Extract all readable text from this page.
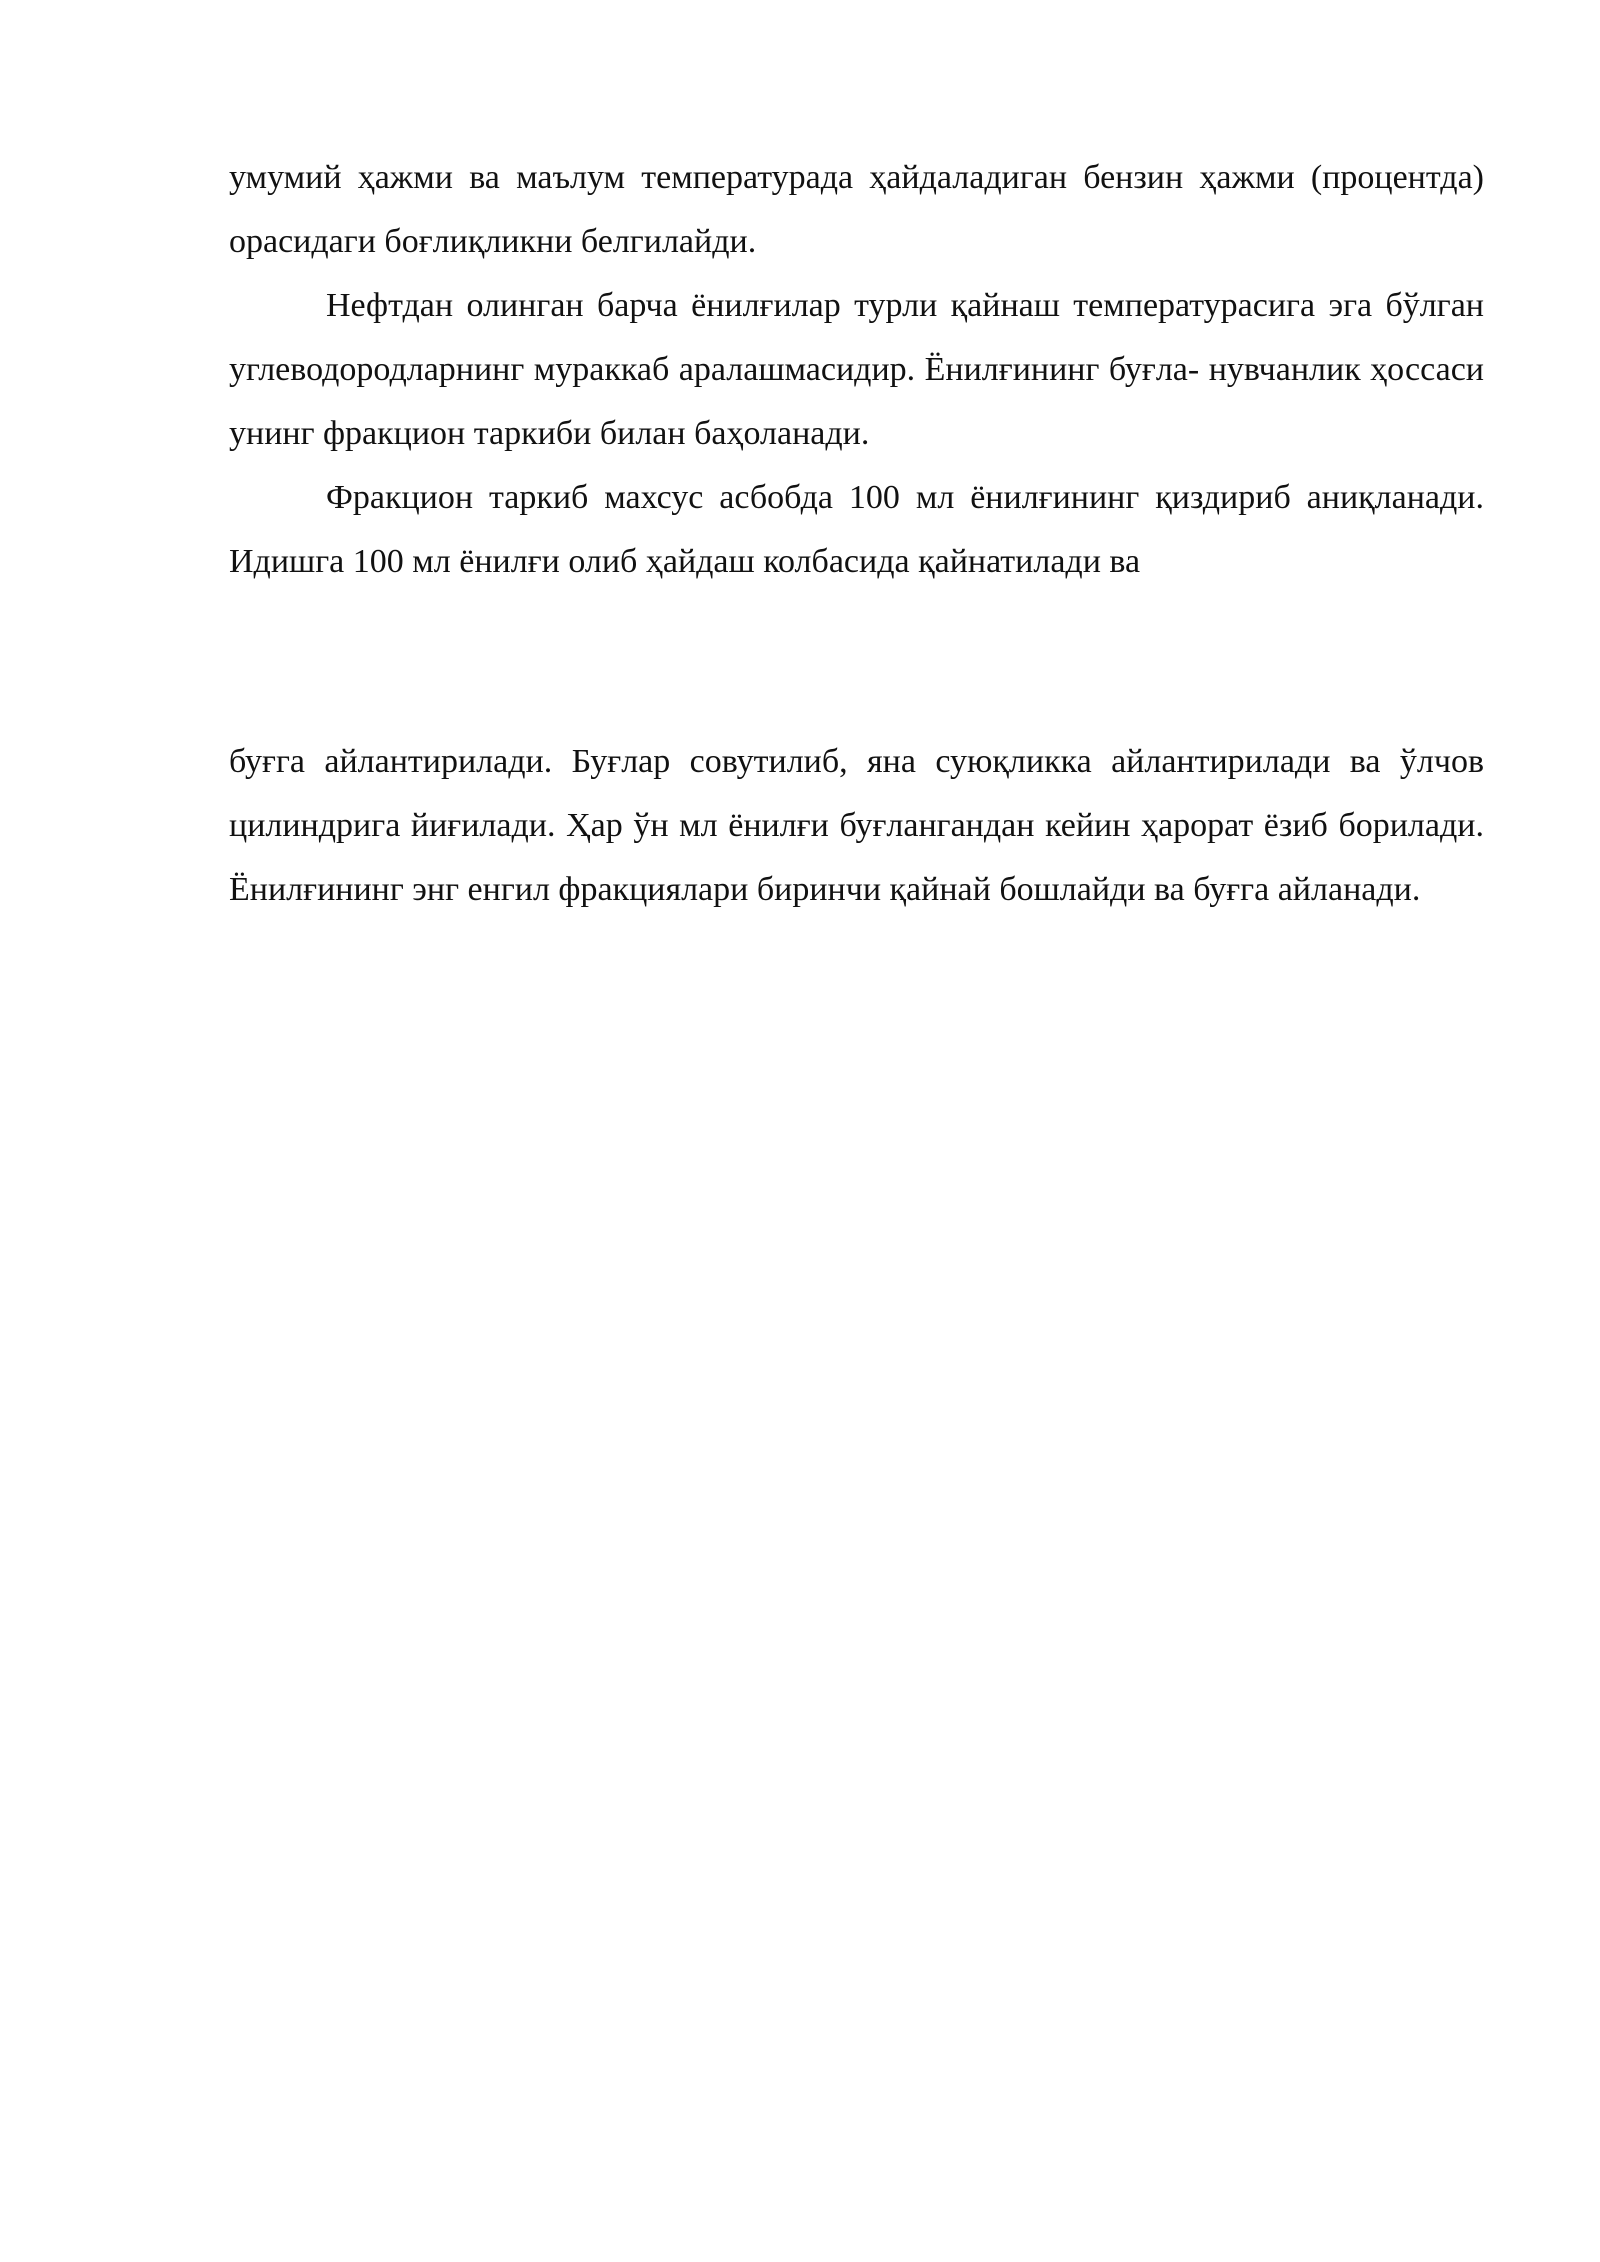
умумий ҳажми ва маълум температурада ҳайдаладиган бензин ҳажми (процентда) орасидаги боғлиқликни белгилайди.

Нефтдан олинган барча ёнилғилар турли қайнаш температурасига эга бўлган углеводородларнинг мураккаб аралашмасидир. Ёнилғининг буғла- нувчанлик ҳоссаси унинг фракцион таркиби билан баҳоланади.

Фракцион таркиб махсус асбобда 100 мл ёнилғининг қиздириб аниқланади. Идишга 100 мл ёнилғи олиб ҳайдаш колбасида қайнатилади ва

буғга айлантирилади. Буғлар совутилиб, яна суюқликка айлантирилади ва ўлчов цилиндрига йиғилади. Ҳар ўн мл ёнилғи буғлангандан кейин ҳарорат ёзиб борилади. Ёнилғининг энг енгил фракциялари биринчи қайнай бошлайди ва буғга айланади.
